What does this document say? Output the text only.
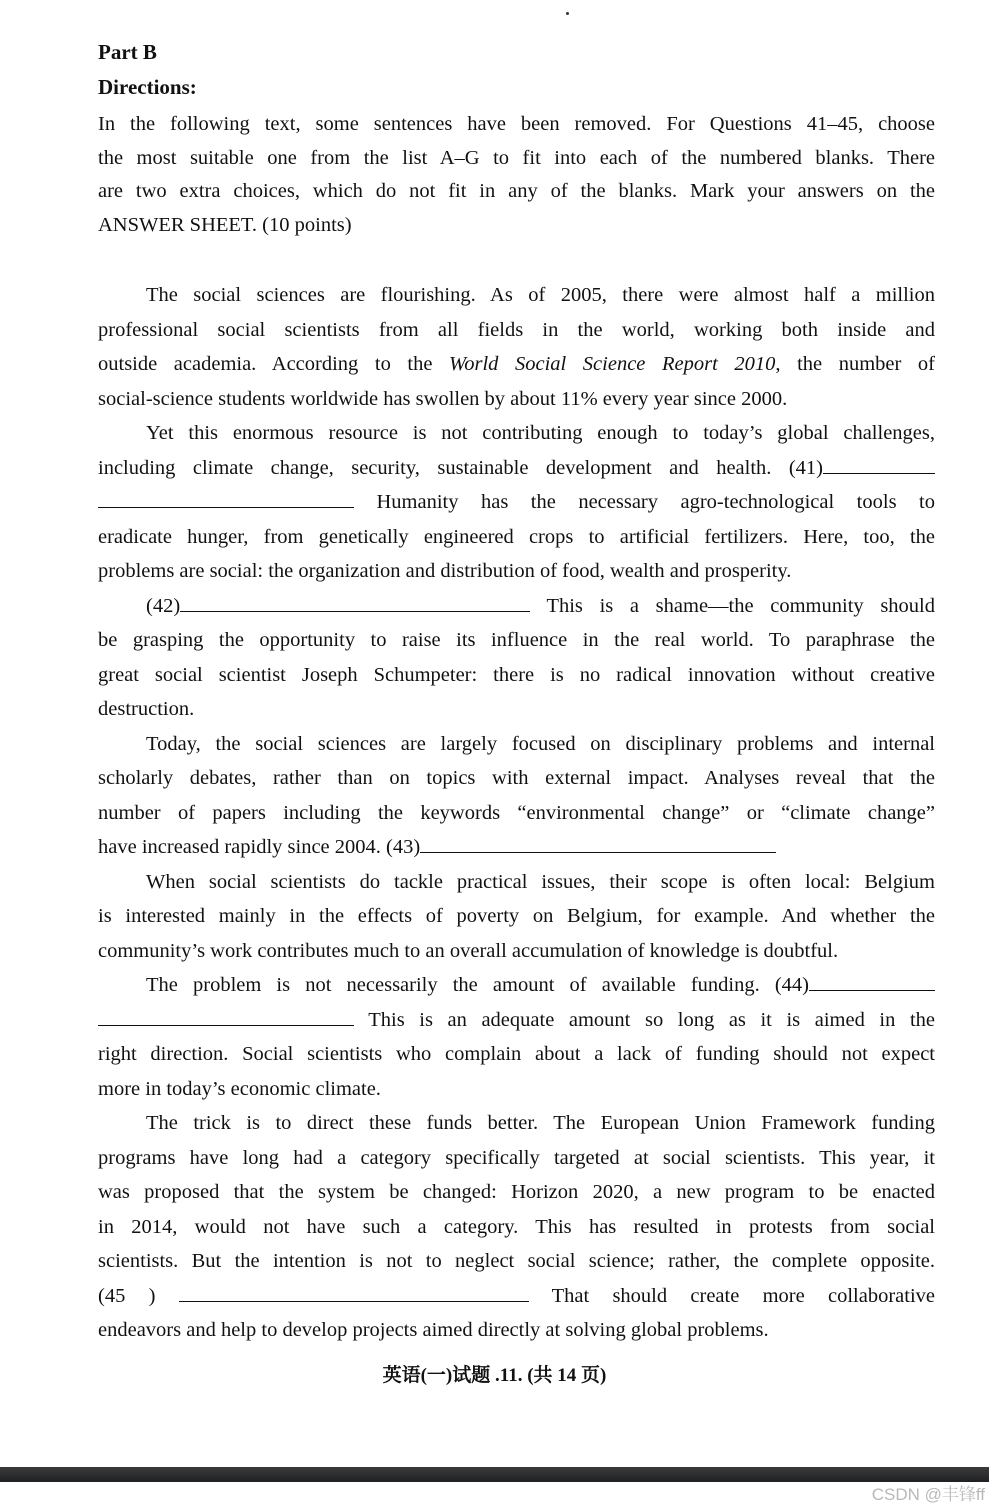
Part B
Directions:
In the following text, some sentences have been removed. For Questions 41–45, choose
the most suitable one from the list A–G to fit into each of the numbered blanks. There
are two extra choices, which do not fit in any of the blanks. Mark your answers on the
ANSWER SHEET. (10 points)
The social sciences are flourishing. As of 2005, there were almost half a million
professional social scientists from all fields in the world, working both inside and
outside academia. According to the World Social Science Report 2010, the number of
social-science students worldwide has swollen by about 11% every year since 2000.
Yet this enormous resource is not contributing enough to today’s global challenges,
including climate change, security, sustainable development and health. (41)
Humanity has the necessary agro-technological tools to
eradicate hunger, from genetically engineered crops to artificial fertilizers. Here, too, the
problems are social: the organization and distribution of food, wealth and prosperity.
(42)	This is a shame—the community should
be grasping the opportunity to raise its influence in the real world. To paraphrase the
great social scientist Joseph Schumpeter: there is no radical innovation without creative
destruction.
Today, the social sciences are largely focused on disciplinary problems and internal
scholarly debates, rather than on topics with external impact. Analyses reveal that the
number of papers including the keywords “environmental change” or “climate change”
have increased rapidly since 2004. (43)
When social scientists do tackle practical issues, their scope is often local: Belgium
is interested mainly in the effects of poverty on Belgium, for example. And whether the
community’s work contributes much to an overall accumulation of knowledge is doubtful.
The problem is not necessarily the amount of available funding. (44)
This is an adequate amount so long as it is aimed in the
right direction. Social scientists who complain about a lack of funding should not expect
more in today’s economic climate.
The trick is to direct these funds better. The European Union Framework funding
programs have long had a category specifically targeted at social scientists. This year, it
was proposed that the system be changed: Horizon 2020, a new program to be enacted
in 2014, would not have such a category. This has resulted in protests from social
scientists. But the intention is not to neglect social science; rather, the complete opposite.
(45 )	That should create more collaborative
endeavors and help to develop projects aimed directly at solving global problems.
英语(一)试题 .11. (共 14 页)
CSDN @丰锋ff
